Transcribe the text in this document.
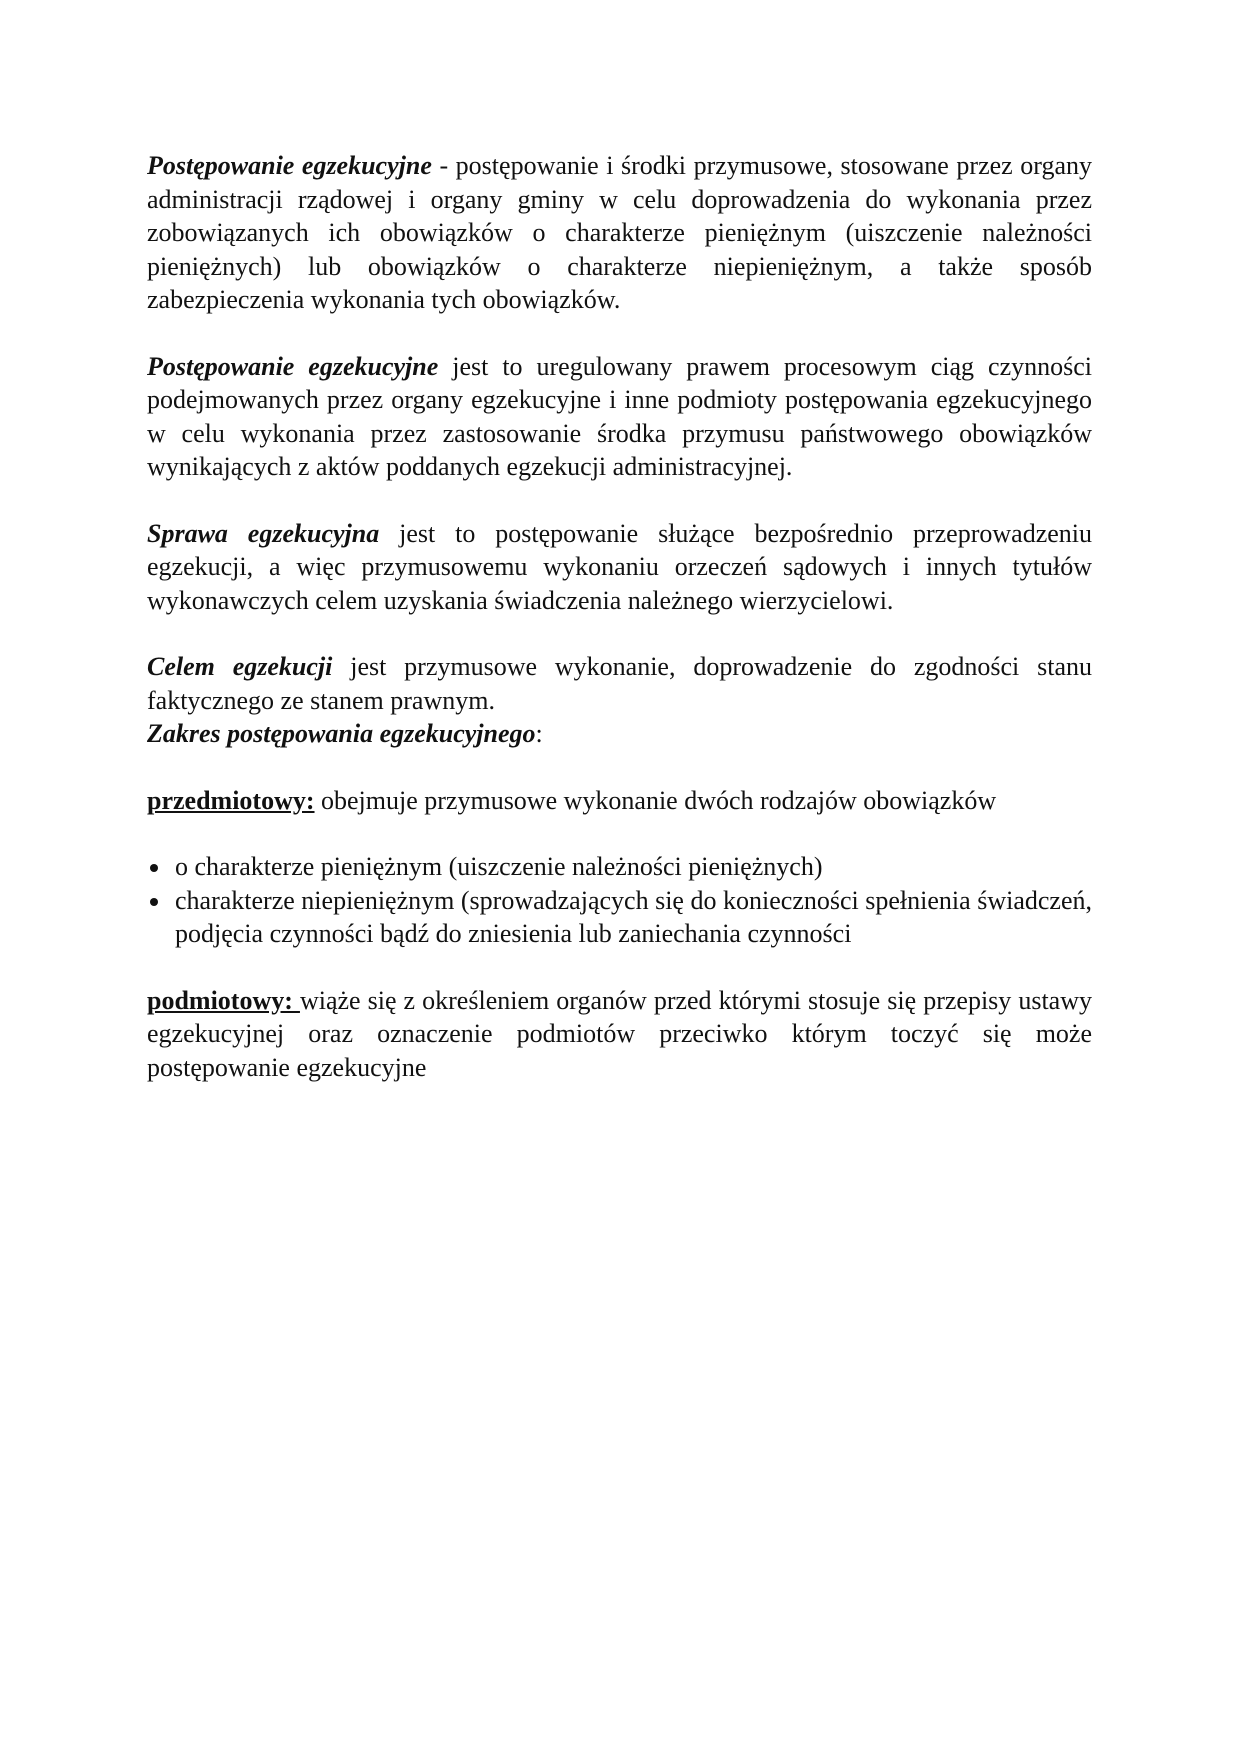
Postępowanie egzekucyjne - postępowanie i środki przymusowe, stosowane przez organy administracji rządowej i organy gminy w celu doprowadzenia do wykonania przez zobowiązanych ich obowiązków o charakterze pieniężnym (uiszczenie należności pieniężnych) lub obowiązków o charakterze niepieniężnym, a także sposób zabezpieczenia wykonania tych obowiązków.

Postępowanie egzekucyjne jest to uregulowany prawem procesowym ciąg czynności podejmowanych przez organy egzekucyjne i inne podmioty postępowania egzekucyjnego w celu wykonania przez zastosowanie środka przymusu państwowego obowiązków wynikających z aktów poddanych egzekucji administracyjnej.

Sprawa egzekucyjna jest to postępowanie służące bezpośrednio przeprowadzeniu egzekucji, a więc przymusowemu wykonaniu orzeczeń sądowych i innych tytułów wykonawczych celem uzyskania świadczenia należnego wierzycielowi.

Celem egzekucji jest przymusowe wykonanie, doprowadzenie do zgodności stanu faktycznego ze stanem prawnym.

Zakres postępowania egzekucyjnego:

przedmiotowy: obejmuje przymusowe wykonanie dwóch rodzajów obowiązków

o charakterze pieniężnym (uiszczenie należności pieniężnych)
charakterze niepieniężnym (sprowadzających się do konieczności spełnienia świadczeń, podjęcia czynności bądź do zniesienia lub zaniechania czynności

podmiotowy: wiąże się z określeniem organów przed którymi stosuje się przepisy ustawy egzekucyjnej oraz oznaczenie podmiotów przeciwko którym toczyć się może postępowanie egzekucyjne
